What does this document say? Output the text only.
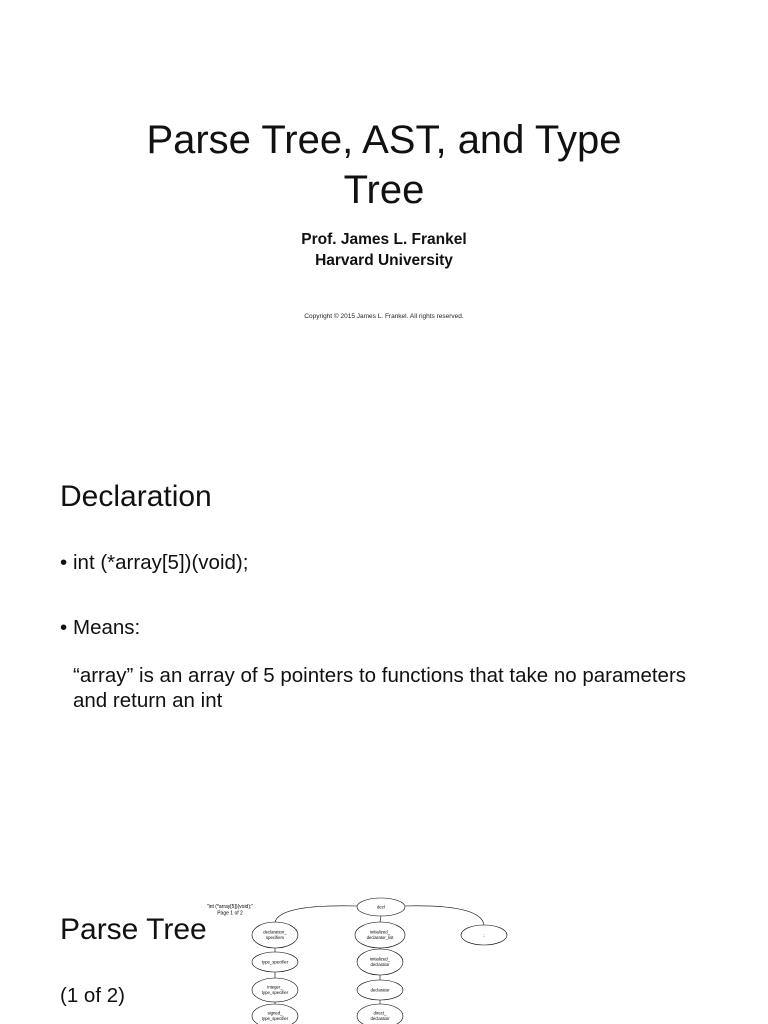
Parse Tree, AST, and Type Tree
Prof. James L. Frankel
Harvard University
Copyright © 2015 James L. Frankel. All rights reserved.
Declaration
•
int (*array[5])(void);
•
Means:
“array” is an array of 5 pointers to functions that take no parameters and return an int
Parse Tree
(1 of 2)
"int (*array[5])(void);"
Page 1 of 2
decl
declaration_
specifiers
initialized_
declarator_list	;
type_specifier
initialized_
declarator
integer_
type_specifier	declarator
signed_
type_specifier
direct_
declarator
